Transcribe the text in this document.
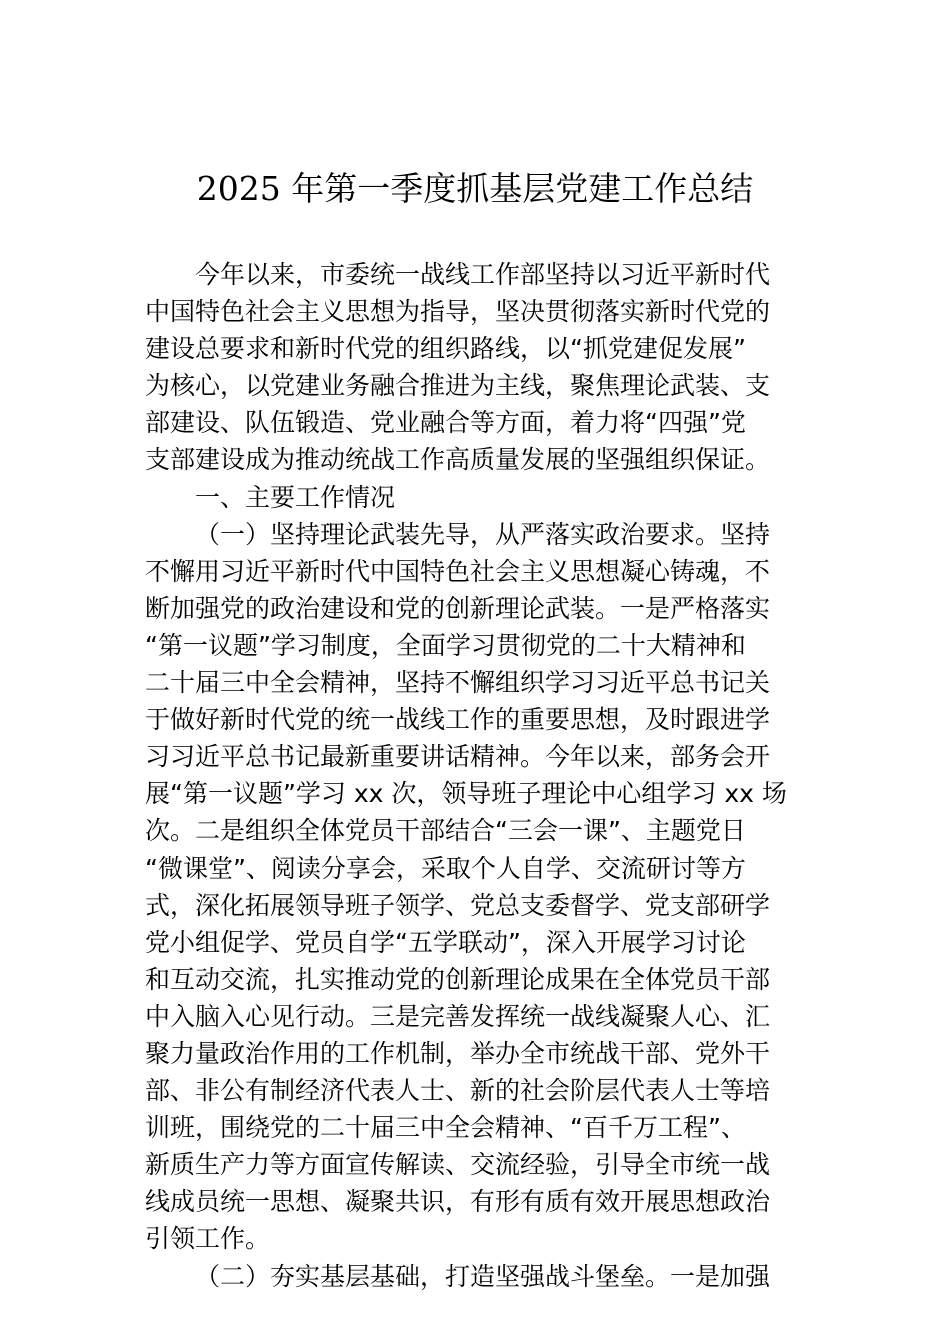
2025 年第一季度抓基层党建工作总结
今年以来，市委统一战线工作部坚持以习近平新时代
中国特色社会主义思想为指导，坚决贯彻落实新时代党的
建设总要求和新时代党的组织路线，以“抓党建促发展”
为核心，以党建业务融合推进为主线，聚焦理论武装、支
部建设、队伍锻造、党业融合等方面，着力将“四强”党
支部建设成为推动统战工作高质量发展的坚强组织保证。
一、主要工作情况
（一）坚持理论武装先导，从严落实政治要求。坚持
不懈用习近平新时代中国特色社会主义思想凝心铸魂，不
断加强党的政治建设和党的创新理论武装。一是严格落实
“第一议题”学习制度，全面学习贯彻党的二十大精神和
二十届三中全会精神，坚持不懈组织学习习近平总书记关
于做好新时代党的统一战线工作的重要思想，及时跟进学
习习近平总书记最新重要讲话精神。今年以来，部务会开
展“第一议题”学习 xx 次，领导班子理论中心组学习 xx 场
次。二是组织全体党员干部结合“三会一课”、主题党日
“微课堂”、阅读分享会，采取个人自学、交流研讨等方
式，深化拓展领导班子领学、党总支委督学、党支部研学
党小组促学、党员自学“五学联动”，深入开展学习讨论
和互动交流，扎实推动党的创新理论成果在全体党员干部
中入脑入心见行动。三是完善发挥统一战线凝聚人心、汇
聚力量政治作用的工作机制，举办全市统战干部、党外干
部、非公有制经济代表人士、新的社会阶层代表人士等培
训班，围绕党的二十届三中全会精神、“百千万工程”、
新质生产力等方面宣传解读、交流经验，引导全市统一战
线成员统一思想、凝聚共识，有形有质有效开展思想政治
引领工作。
（二）夯实基层基础，打造坚强战斗堡垒。一是加强
